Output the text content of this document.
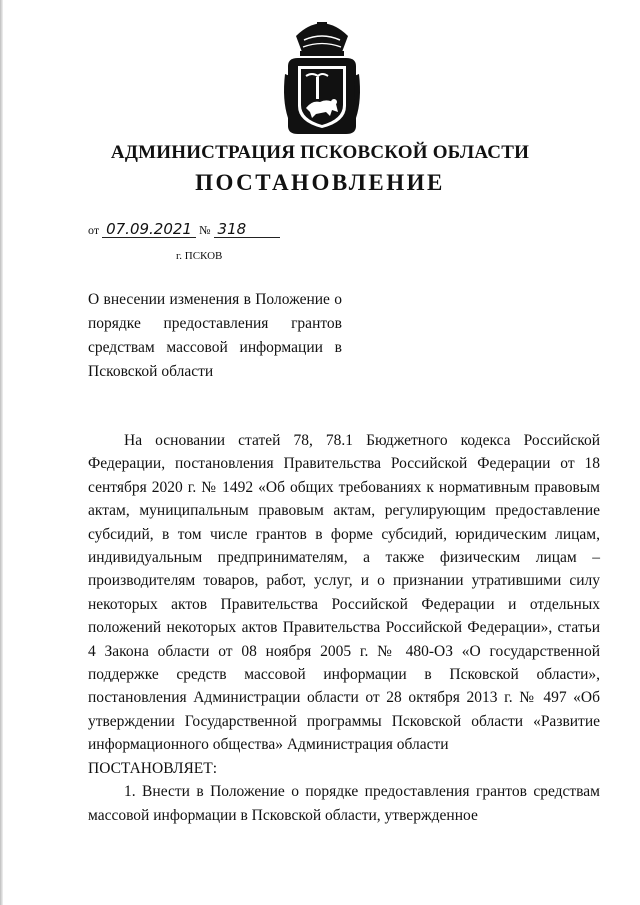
АДМИНИСТРАЦИЯ ПСКОВСКОЙ ОБЛАСТИ
ПОСТАНОВЛЕНИЕ
от 07.09.2021 № 318
г. ПСКОВ
О внесении изменения в Положение о порядке предоставления грантов средствам массовой информации в Псковской области

На основании статей 78, 78.1 Бюджетного кодекса Российской Федерации, постановления Правительства Российской Федерации от 18 сентября 2020 г. № 1492 «Об общих требованиях к нормативным правовым актам, муниципальным правовым актам, регулирующим предоставление субсидий, в том числе грантов в форме субсидий, юридическим лицам, индивидуальным предпринимателям, а также физическим лицам – производителям товаров, работ, услуг, и о признании утратившими силу некоторых актов Правительства Российской Федерации и отдельных положений некоторых актов Правительства Российской Федерации», статьи 4 Закона области от 08 ноября 2005 г. № 480-ОЗ «О государственной поддержке средств массовой информации в Псковской области», постановления Администрации области от 28 октября 2013 г. № 497 «Об утверждении Государственной программы Псковской области «Развитие информационного общества» Администрация области

ПОСТАНОВЛЯЕТ:

1. Внести в Положение о порядке предоставления грантов средствам массовой информации в Псковской области, утвержденное
